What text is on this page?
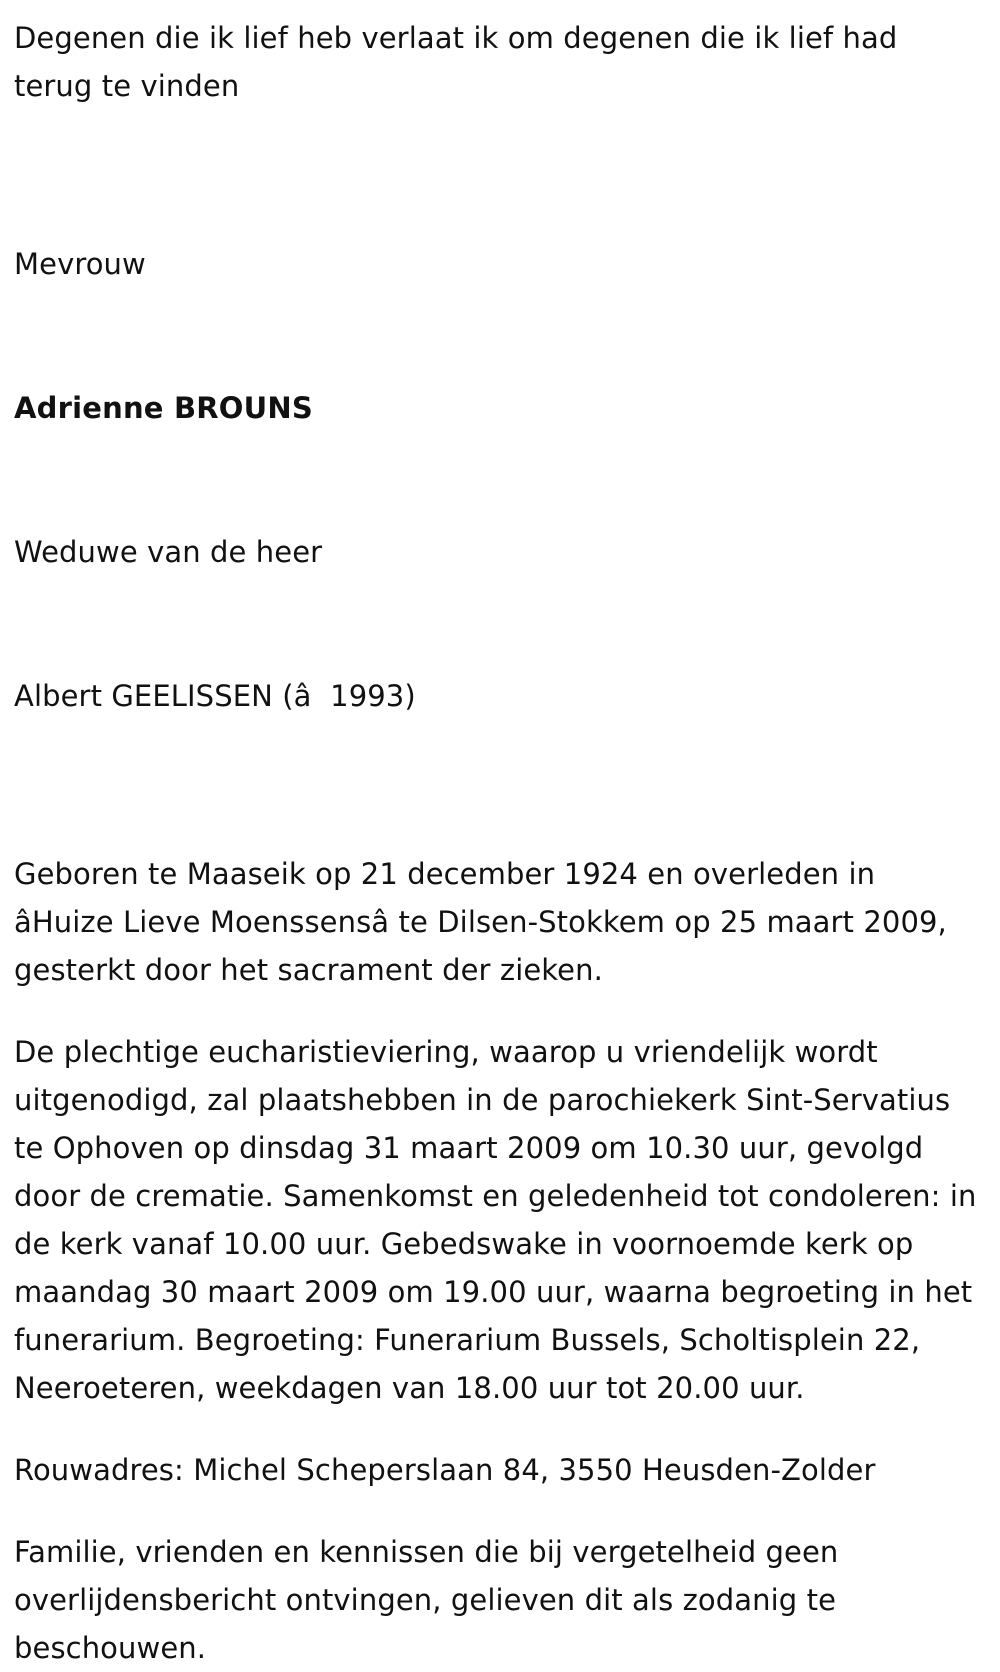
Degenen die ik lief heb verlaat ik om degenen die ik lief had terug te vinden

Mevrouw

Adrienne BROUNS

Weduwe van de heer

Albert GEELISSEN (â  1993)

Geboren te Maaseik op 21 december 1924 en overleden in âHuize Lieve Moenssensâ te Dilsen-Stokkem op 25 maart 2009, gesterkt door het sacrament der zieken.

De plechtige eucharistieviering, waarop u vriendelijk wordt uitgenodigd, zal plaatshebben in de parochiekerk Sint-Servatius te Ophoven op dinsdag 31 maart 2009 om 10.30 uur, gevolgd door de crematie. Samenkomst en geledenheid tot condoleren: in de kerk vanaf 10.00 uur. Gebedswake in voornoemde kerk op maandag 30 maart 2009 om 19.00 uur, waarna begroeting in het funerarium. Begroeting: Funerarium Bussels, Scholtisplein 22, Neeroeteren, weekdagen van 18.00 uur tot 20.00 uur.

Rouwadres: Michel Scheperslaan 84, 3550 Heusden-Zolder

Familie, vrienden en kennissen die bij vergetelheid geen overlijdensbericht ontvingen, gelieven dit als zodanig te beschouwen.
